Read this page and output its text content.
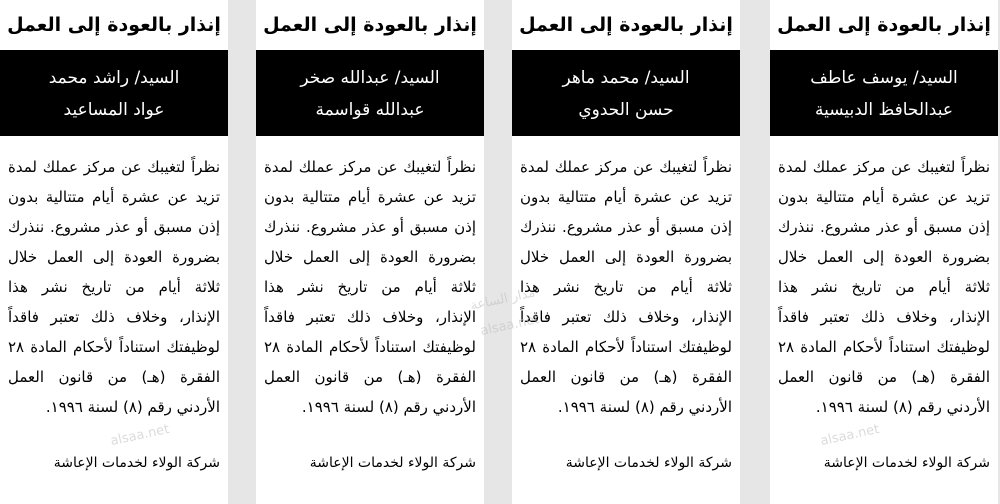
إنذار بالعودة إلى العمل
السيد/ راشد محمد
عواد المساعيد
نظراً لتغيبك عن مركز عملك لمدة تزيد عن عشرة أيام متتالية بدون إذن مسبق أو عذر مشروع. ننذرك بضرورة العودة إلى العمل خلال ثلاثة أيام من تاريخ نشر هذا الإنذار، وخلاف ذلك تعتبر فاقداً لوظيفتك استناداً لأحكام المادة ٢٨ الفقرة (هـ) من قانون العمل الأردني رقم (٨) لسنة ١٩٩٦.
شركة الولاء لخدمات الإعاشة
إنذار بالعودة إلى العمل
السيد/ عبدالله صخر
عبدالله قواسمة
نظراً لتغيبك عن مركز عملك لمدة تزيد عن عشرة أيام متتالية بدون إذن مسبق أو عذر مشروع. ننذرك بضرورة العودة إلى العمل خلال ثلاثة أيام من تاريخ نشر هذا الإنذار، وخلاف ذلك تعتبر فاقداً لوظيفتك استناداً لأحكام المادة ٢٨ الفقرة (هـ) من قانون العمل الأردني رقم (٨) لسنة ١٩٩٦.
شركة الولاء لخدمات الإعاشة
إنذار بالعودة إلى العمل
السيد/ محمد ماهر
حسن الحدوي
نظراً لتغيبك عن مركز عملك لمدة تزيد عن عشرة أيام متتالية بدون إذن مسبق أو عذر مشروع. ننذرك بضرورة العودة إلى العمل خلال ثلاثة أيام من تاريخ نشر هذا الإنذار، وخلاف ذلك تعتبر فاقداً لوظيفتك استناداً لأحكام المادة ٢٨ الفقرة (هـ) من قانون العمل الأردني رقم (٨) لسنة ١٩٩٦.
شركة الولاء لخدمات الإعاشة
إنذار بالعودة إلى العمل
السيد/ يوسف عاطف
عبدالحافظ الدبيسية
نظراً لتغيبك عن مركز عملك لمدة تزيد عن عشرة أيام متتالية بدون إذن مسبق أو عذر مشروع. ننذرك بضرورة العودة إلى العمل خلال ثلاثة أيام من تاريخ نشر هذا الإنذار، وخلاف ذلك تعتبر فاقداً لوظيفتك استناداً لأحكام المادة ٢٨ الفقرة (هـ) من قانون العمل الأردني رقم (٨) لسنة ١٩٩٦.
شركة الولاء لخدمات الإعاشة
مدار الساعة
alsaa.net
alsaa.net	alsaa.net
